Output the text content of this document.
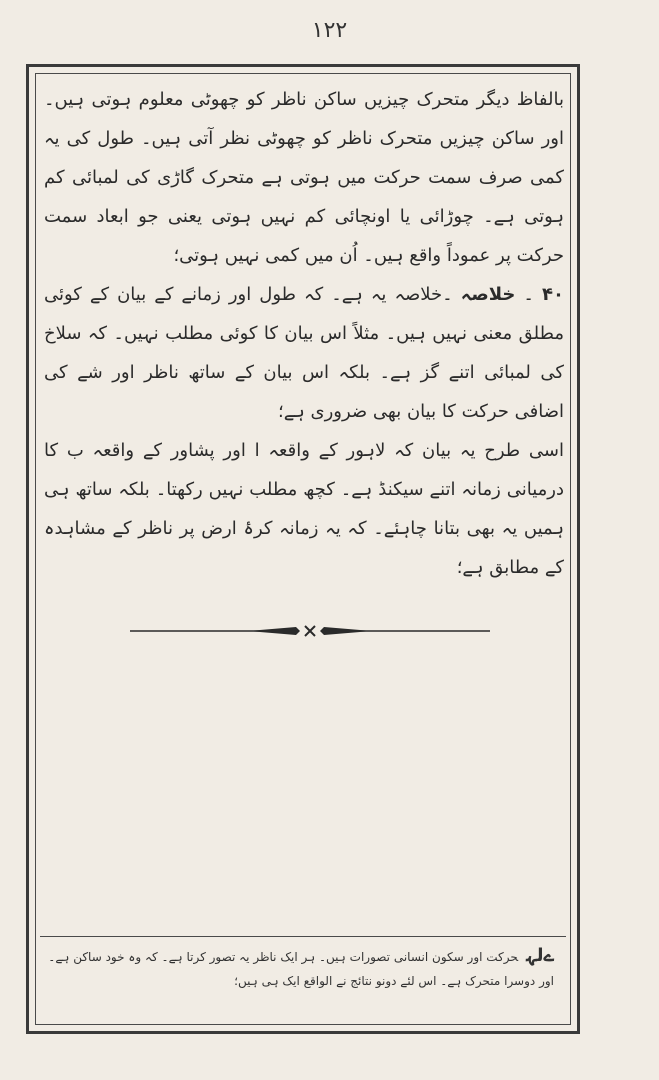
۱۲۲

بالفاظ دیگر متحرک چیزیں ساکن ناظر کو چھوٹی معلوم ہوتی ہیں۔ اور ساکن چیزیں متحرک ناظر کو چھوٹی نظر آتی ہیں۔ طول کی یہ کمی صرف سمت حرکت میں ہوتی ہے متحرک گاڑی کی لمبائی کم ہوتی ہے۔ چوڑائی یا اونچائی کم نہیں ہوتی یعنی جو ابعاد سمت حرکت پر عموداً واقع ہیں۔ اُن میں کمی نہیں ہوتی؛

۴۰ ۔ خلاصہ ۔خلاصہ یہ ہے۔ کہ طول اور زمانے کے بیان کے کوئی مطلق معنی نہیں ہیں۔ مثلاً اس بیان کا کوئی مطلب نہیں۔ کہ سلاخ کی لمبائی اتنے گز ہے۔ بلکہ اس بیان کے ساتھ ناظر اور شے کی اضافی حرکت کا بیان بھی ضروری ہے؛

اسی طرح یہ بیان کہ لاہور کے واقعہ ا اور پشاور کے واقعہ ب کا درمیانی زمانہ اتنے سیکنڈ ہے۔ کچھ مطلب نہیں رکھتا۔ بلکہ ساتھ ہی ہمیں یہ بھی بتانا چاہئے۔ کہ یہ زمانہ کرۂ ارض پر ناظر کے مشاہدہ کے مطابق ہے؛

ےلہحرکت اور سکون انسانی تصورات ہیں۔ ہر ایک ناظر یہ تصور کرتا ہے۔ کہ وہ خود ساکن ہے۔ اور دوسرا متحرک ہے۔ اس لئے دونو نتائج نے الواقع ایک ہی ہیں؛
